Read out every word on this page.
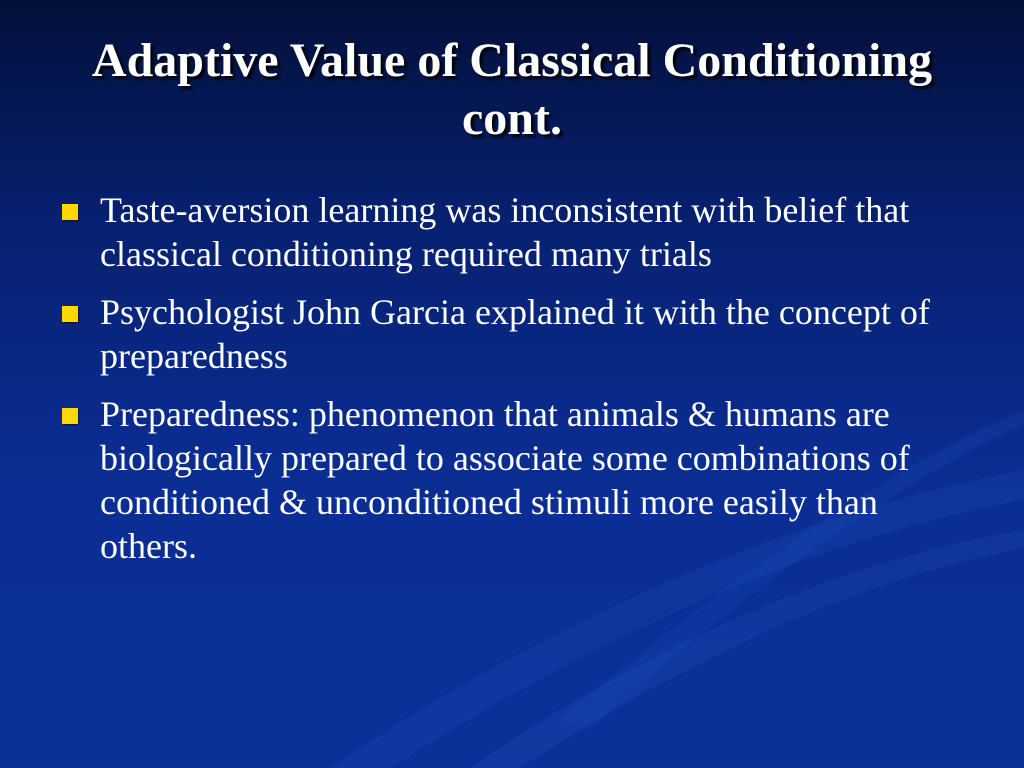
Adaptive Value of Classical Conditioning cont.
Taste-aversion learning was inconsistent with belief that classical conditioning required many trials
Psychologist John Garcia explained it with the concept of preparedness
Preparedness: phenomenon that animals & humans are biologically prepared to associate some combinations of conditioned & unconditioned stimuli more easily than others.
